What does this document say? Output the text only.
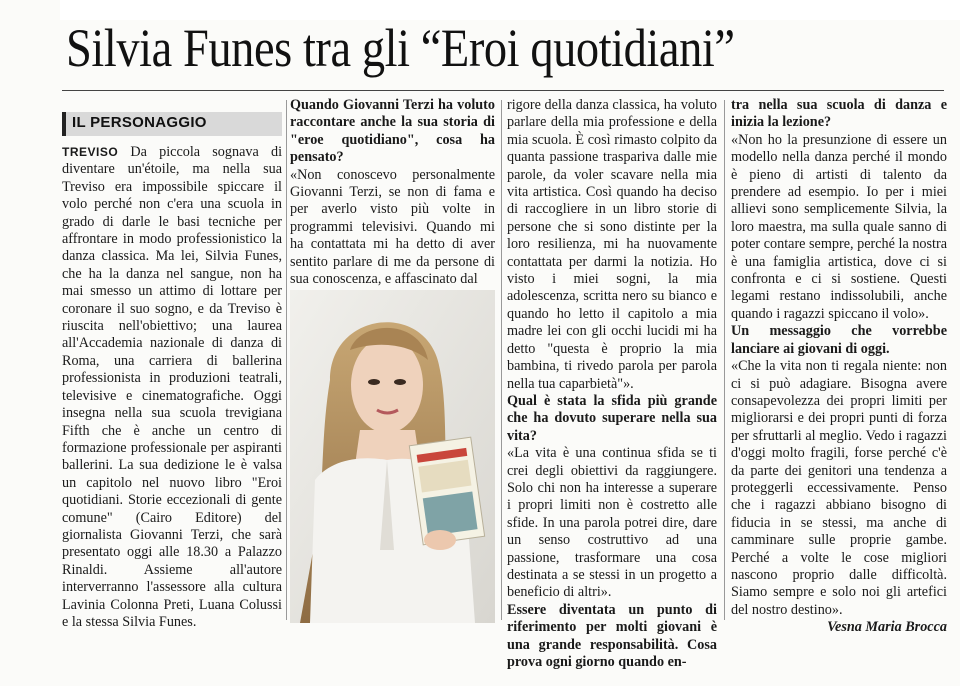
Silvia Funes tra gli “Eroi quotidiani”
IL PERSONAGGIO

TREVISO Da piccola sognava di diventare un'étoile, ma nella sua Treviso era impossibile spiccare il volo perché non c'era una scuola in grado di darle le basi tecniche per affrontare in modo professionistico la danza classica. Ma lei, Silvia Funes, che ha la danza nel sangue, non ha mai smesso un attimo di lottare per coronare il suo sogno, e da Treviso è riuscita nell'obiettivo; una laurea all'Accademia nazionale di danza di Roma, una carriera di ballerina professionista in produzioni teatrali, televisive e cinematografiche. Oggi insegna nella sua scuola trevigiana Fifth che è anche un centro di formazione professionale per aspiranti ballerini. La sua dedizione le è valsa un capitolo nel nuovo libro "Eroi quotidiani. Storie eccezionali di gente comune" (Cairo Editore) del giornalista Giovanni Terzi, che sarà presentato oggi alle 18.30 a Palazzo Rinaldi. Assieme all'autore interverranno l'assessore alla cultura Lavinia Colonna Preti, Luana Colussi e la stessa Silvia Funes.

Quando Giovanni Terzi ha voluto raccontare anche la sua storia di "eroe quotidiano", cosa ha pensato?

«Non conoscevo personalmente Giovanni Terzi, se non di fama e per averlo visto più volte in programmi televisivi. Quando mi ha contattata mi ha detto di aver sentito parlare di me da persone di sua conoscenza, e affascinato dal

rigore della danza classica, ha voluto parlare della mia professione e della mia scuola. È così rimasto colpito da quanta passione traspariva dalle mie parole, da voler scavare nella mia vita artistica. Così quando ha deciso di raccogliere in un libro storie di persone che si sono distinte per la loro resilienza, mi ha nuovamente contattata per darmi la notizia. Ho visto i miei sogni, la mia adolescenza, scritta nero su bianco e quando ho letto il capitolo a mia madre lei con gli occhi lucidi mi ha detto "questa è proprio la mia bambina, ti rivedo parola per parola nella tua caparbietà"».

Qual è stata la sfida più grande che ha dovuto superare nella sua vita?

«La vita è una continua sfida se ti crei degli obiettivi da raggiungere. Solo chi non ha interesse a superare i propri limiti non è costretto alle sfide. In una parola potrei dire, dare un senso costruttivo ad una passione, trasformare una cosa destinata a se stessi in un progetto a beneficio di altri».

Essere diventata un punto di riferimento per molti giovani è una grande responsabilità. Cosa prova ogni giorno quando en-

tra nella sua scuola di danza e inizia la lezione?

«Non ho la presunzione di essere un modello nella danza perché il mondo è pieno di artisti di talento da prendere ad esempio. Io per i miei allievi sono semplicemente Silvia, la loro maestra, ma sulla quale sanno di poter contare sempre, perché la nostra è una famiglia artistica, dove ci si confronta e ci si sostiene. Questi legami restano indissolubili, anche quando i ragazzi spiccano il volo».

Un messaggio che vorrebbe lanciare ai giovani di oggi.

«Che la vita non ti regala niente: non ci si può adagiare. Bisogna avere consapevolezza dei propri limiti per migliorarsi e dei propri punti di forza per sfruttarli al meglio. Vedo i ragazzi d'oggi molto fragili, forse perché c'è da parte dei genitori una tendenza a proteggerli eccessivamente. Penso che i ragazzi abbiano bisogno di fiducia in se stessi, ma anche di camminare sulle proprie gambe. Perché a volte le cose migliori nascono proprio dalle difficoltà. Siamo sempre e solo noi gli artefici del nostro destino».

Vesna Maria Brocca
